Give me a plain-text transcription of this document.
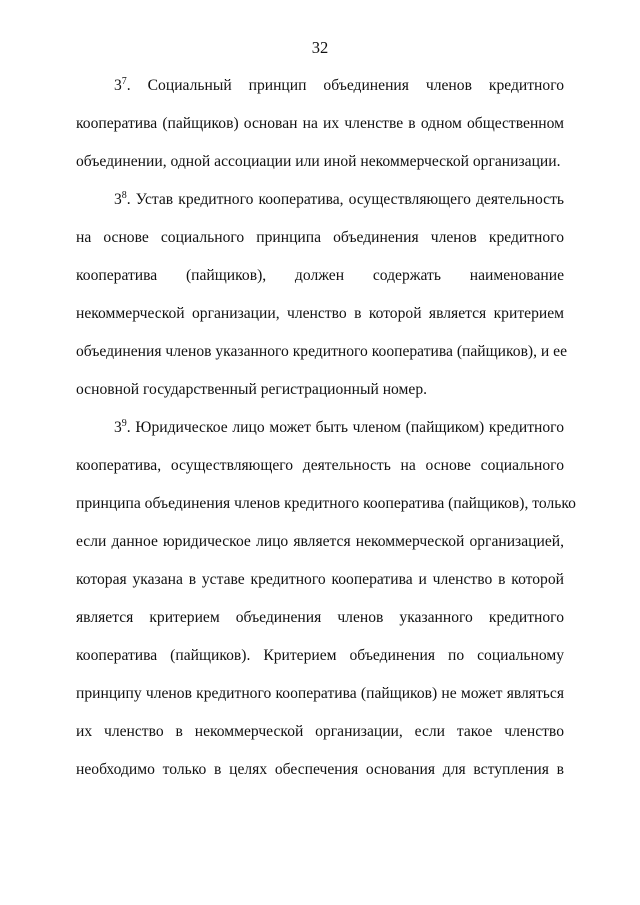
32
$3^7$. Социальный принцип объединения членов кредитного
кооператива (пайщиков) основан на их членстве в одном общественном
объединении, одной ассоциации или иной некоммерческой организации.
$3^8$. Устав кредитного кооператива, осуществляющего деятельность
на основе социального принципа объединения членов кредитного
кооператива (пайщиков), должен содержать наименование
некоммерческой организации, членство в которой является критерием
объединения членов указанного кредитного кооператива (пайщиков), и ее
основной государственный регистрационный номер.
$3^9$. Юридическое лицо может быть членом (пайщиком) кредитного
кооператива, осуществляющего деятельность на основе социального
принципа объединения членов кредитного кооператива (пайщиков), только
если данное юридическое лицо является некоммерческой организацией,
которая указана в уставе кредитного кооператива и членство в которой
является критерием объединения членов указанного кредитного
кооператива (пайщиков). Критерием объединения по социальному
принципу членов кредитного кооператива (пайщиков) не может являться
их членство в некоммерческой организации, если такое членство
необходимо только в целях обеспечения основания для вступления в
